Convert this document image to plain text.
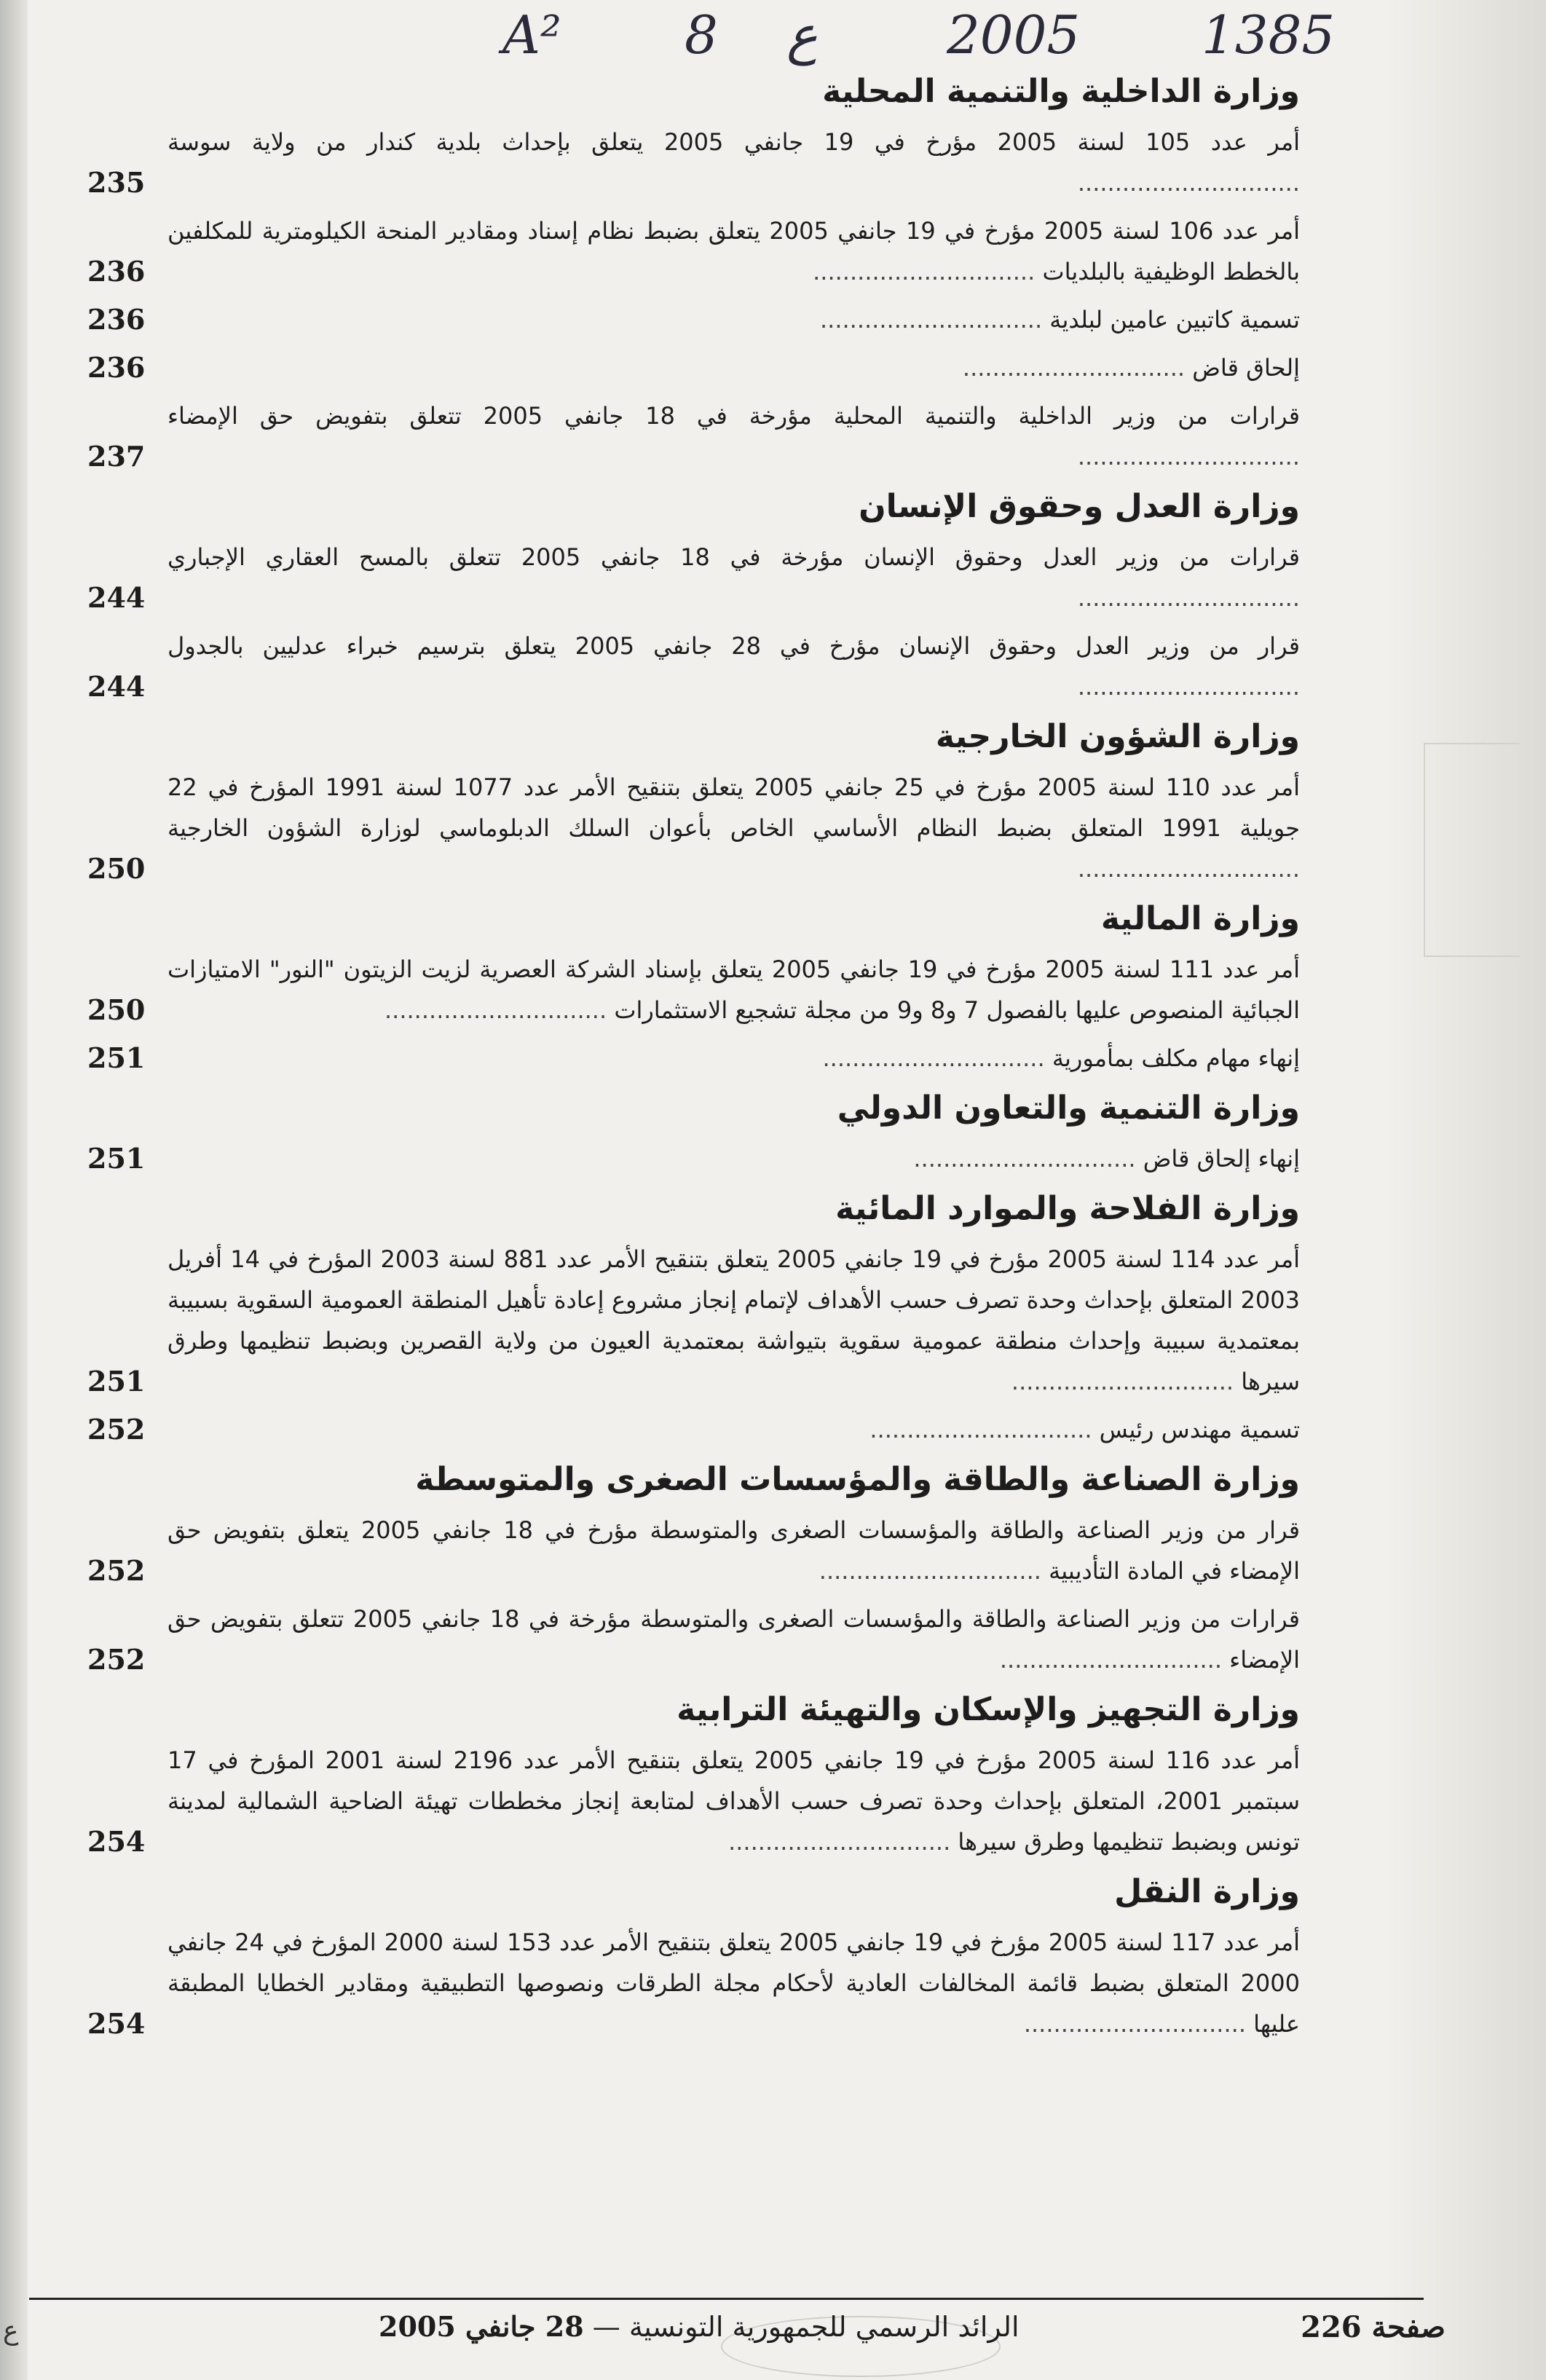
A² 8 ع 2005 1385
وزارة الداخلية والتنمية المحلية
أمر عدد 105 لسنة 2005 مؤرخ في 19 جانفي 2005 يتعلق بإحداث بلدية كندار من ولاية سوسة ..............................
235
أمر عدد 106 لسنة 2005 مؤرخ في 19 جانفي 2005 يتعلق بضبط نظام إسناد ومقادير المنحة الكيلومترية للمكلفين بالخطط الوظيفية بالبلديات ..............................
236
تسمية كاتبين عامين لبلدية ..............................
236
إلحاق قاض ..............................
236
قرارات من وزير الداخلية والتنمية المحلية مؤرخة في 18 جانفي 2005 تتعلق بتفويض حق الإمضاء ..............................
237
وزارة العدل وحقوق الإنسان
قرارات من وزير العدل وحقوق الإنسان مؤرخة في 18 جانفي 2005 تتعلق بالمسح العقاري الإجباري ..............................
244
قرار من وزير العدل وحقوق الإنسان مؤرخ في 28 جانفي 2005 يتعلق بترسيم خبراء عدليين بالجدول ..............................
244
وزارة الشؤون الخارجية
أمر عدد 110 لسنة 2005 مؤرخ في 25 جانفي 2005 يتعلق بتنقيح الأمر عدد 1077 لسنة 1991 المؤرخ في 22 جويلية 1991 المتعلق بضبط النظام الأساسي الخاص بأعوان السلك الدبلوماسي لوزارة الشؤون الخارجية ..............................
250
وزارة المالية
أمر عدد 111 لسنة 2005 مؤرخ في 19 جانفي 2005 يتعلق بإسناد الشركة العصرية لزيت الزيتون "النور" الامتيازات الجبائية المنصوص عليها بالفصول 7 و8 و9 من مجلة تشجيع الاستثمارات ..............................
250
إنهاء مهام مكلف بمأمورية ..............................
251
وزارة التنمية والتعاون الدولي
إنهاء إلحاق قاض ..............................
251
وزارة الفلاحة والموارد المائية
أمر عدد 114 لسنة 2005 مؤرخ في 19 جانفي 2005 يتعلق بتنقيح الأمر عدد 881 لسنة 2003 المؤرخ في 14 أفريل 2003 المتعلق بإحداث وحدة تصرف حسب الأهداف لإتمام إنجاز مشروع إعادة تأهيل المنطقة العمومية السقوية بسبيبة بمعتمدية سبيبة وإحداث منطقة عمومية سقوية بتيواشة بمعتمدية العيون من ولاية القصرين وبضبط تنظيمها وطرق سيرها ..............................
251
تسمية مهندس رئيس ..............................
252
وزارة الصناعة والطاقة والمؤسسات الصغرى والمتوسطة
قرار من وزير الصناعة والطاقة والمؤسسات الصغرى والمتوسطة مؤرخ في 18 جانفي 2005 يتعلق بتفويض حق الإمضاء في المادة التأديبية ..............................
252
قرارات من وزير الصناعة والطاقة والمؤسسات الصغرى والمتوسطة مؤرخة في 18 جانفي 2005 تتعلق بتفويض حق الإمضاء ..............................
252
وزارة التجهيز والإسكان والتهيئة الترابية
أمر عدد 116 لسنة 2005 مؤرخ في 19 جانفي 2005 يتعلق بتنقيح الأمر عدد 2196 لسنة 2001 المؤرخ في 17 سبتمبر 2001، المتعلق بإحداث وحدة تصرف حسب الأهداف لمتابعة إنجاز مخططات تهيئة الضاحية الشمالية لمدينة تونس وبضبط تنظيمها وطرق سيرها ..............................
254
وزارة النقل
أمر عدد 117 لسنة 2005 مؤرخ في 19 جانفي 2005 يتعلق بتنقيح الأمر عدد 153 لسنة 2000 المؤرخ في 24 جانفي 2000 المتعلق بضبط قائمة المخالفات العادية لأحكام مجلة الطرقات ونصوصها التطبيقية ومقادير الخطايا المطبقة عليها ..............................
254
صفحة 226
الرائد الرسمي للجمهورية التونسية — 28 جانفي 2005
ع
